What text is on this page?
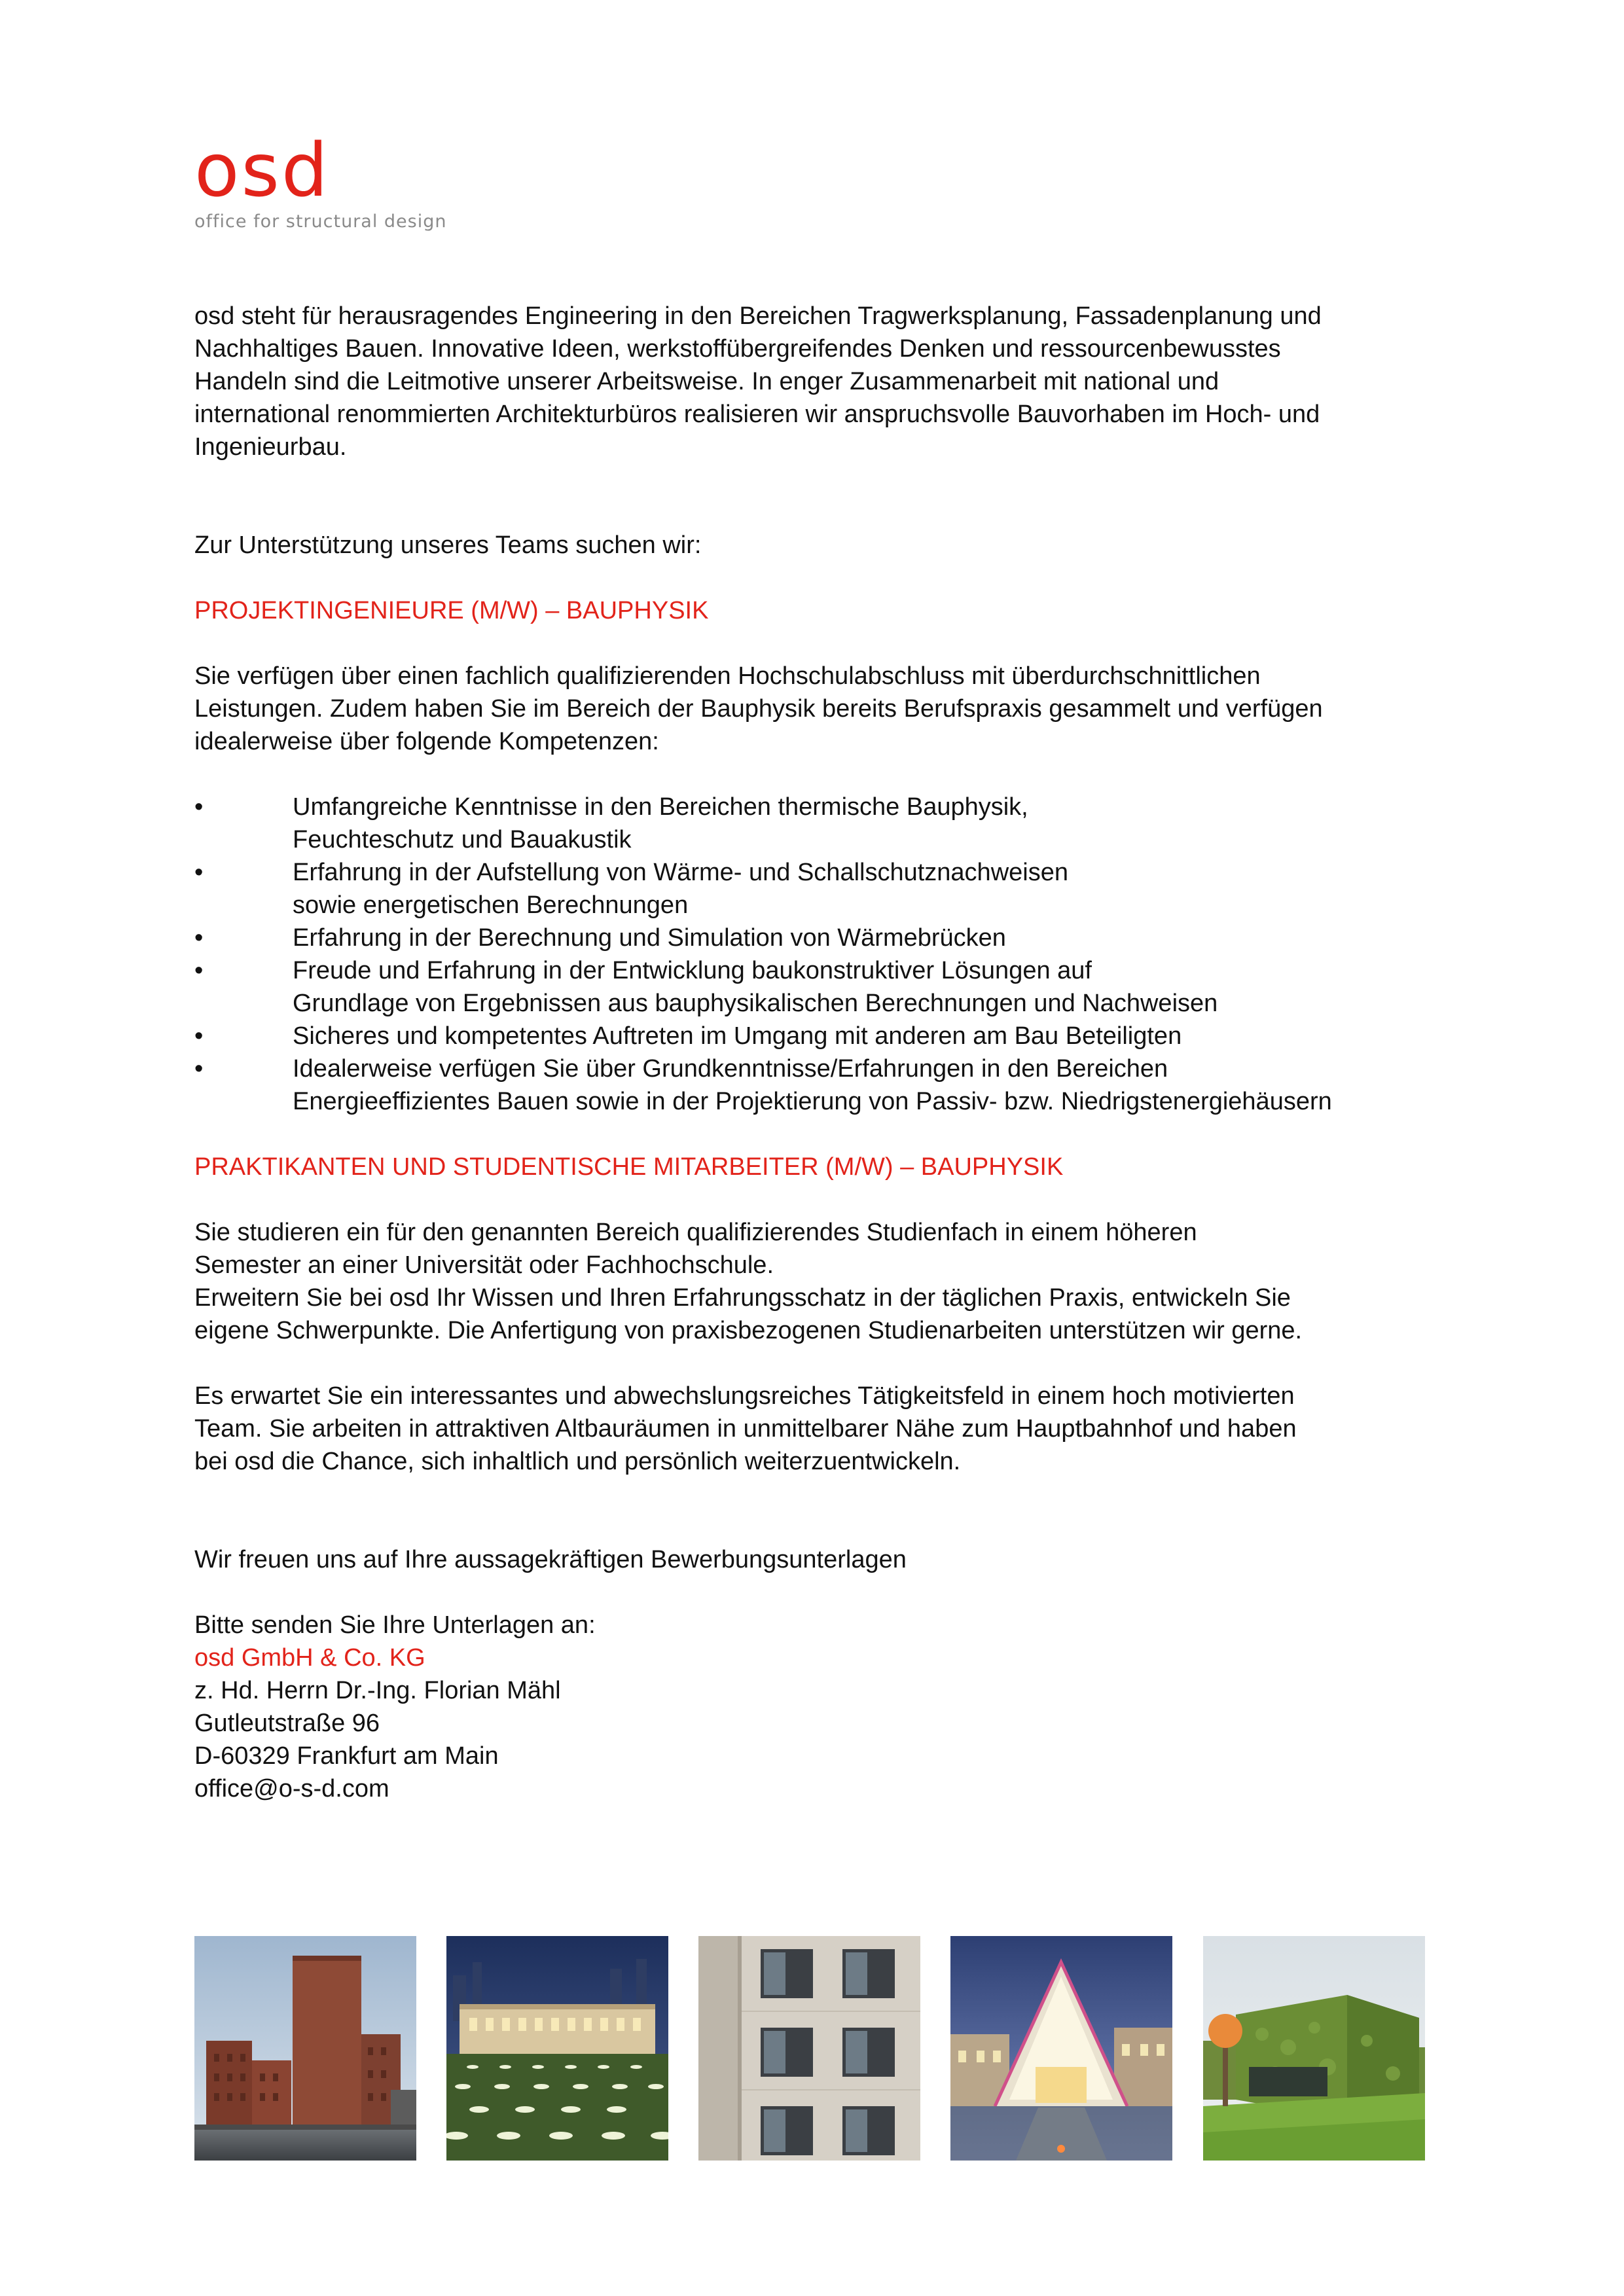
osd
office for structural design

osd steht für herausragendes Engineering in den Bereichen Tragwerksplanung, Fassadenplanung und
Nachhaltiges Bauen. Innovative Ideen, werkstoffübergreifendes Denken und ressourcenbewusstes
Handeln sind die Leitmotive unserer Arbeitsweise. In enger Zusammenarbeit mit national und
international renommierten Architekturbüros realisieren wir anspruchsvolle Bauvorhaben im Hoch- und
Ingenieurbau.

Zur Unterstützung unseres Teams suchen wir:

PROJEKTINGENIEURE (M/W) – BAUPHYSIK

Sie verfügen über einen fachlich qualifizierenden Hochschulabschluss mit überdurchschnittlichen
Leistungen. Zudem haben Sie im Bereich der Bauphysik bereits Berufspraxis gesammelt und verfügen
idealerweise über folgende Kompetenzen:

•	Umfangreiche Kenntnisse in den Bereichen thermische Bauphysik,
Feuchteschutz und Bauakustik
•	Erfahrung in der Aufstellung von Wärme- und Schallschutznachweisen
sowie energetischen Berechnungen
•	Erfahrung in der Berechnung und Simulation von Wärmebrücken
•	Freude und Erfahrung in der Entwicklung baukonstruktiver Lösungen auf
Grundlage von Ergebnissen aus bauphysikalischen Berechnungen und Nachweisen
•	Sicheres und kompetentes Auftreten im Umgang mit anderen am Bau Beteiligten
•	Idealerweise verfügen Sie über Grundkenntnisse/Erfahrungen in den Bereichen
Energieeffizientes Bauen sowie in der Projektierung von Passiv- bzw. Niedrigstenergiehäusern

PRAKTIKANTEN UND STUDENTISCHE MITARBEITER (M/W) – BAUPHYSIK

Sie studieren ein für den genannten Bereich qualifizierendes Studienfach in einem höheren
Semester an einer Universität oder Fachhochschule.
Erweitern Sie bei osd Ihr Wissen und Ihren Erfahrungsschatz in der täglichen Praxis, entwickeln Sie
eigene Schwerpunkte. Die Anfertigung von praxisbezogenen Studienarbeiten unterstützen wir gerne.

Es erwartet Sie ein interessantes und abwechslungsreiches Tätigkeitsfeld in einem hoch motivierten
Team. Sie arbeiten in attraktiven Altbauräumen in unmittelbarer Nähe zum Hauptbahnhof und haben
bei osd die Chance, sich inhaltlich und persönlich weiterzuentwickeln.

Wir freuen uns auf Ihre aussagekräftigen Bewerbungsunterlagen

Bitte senden Sie Ihre Unterlagen an:
osd GmbH & Co. KG
z. Hd. Herrn Dr.-Ing. Florian Mähl
Gutleutstraße 96
D-60329 Frankfurt am Main
office@o-s-d.com
